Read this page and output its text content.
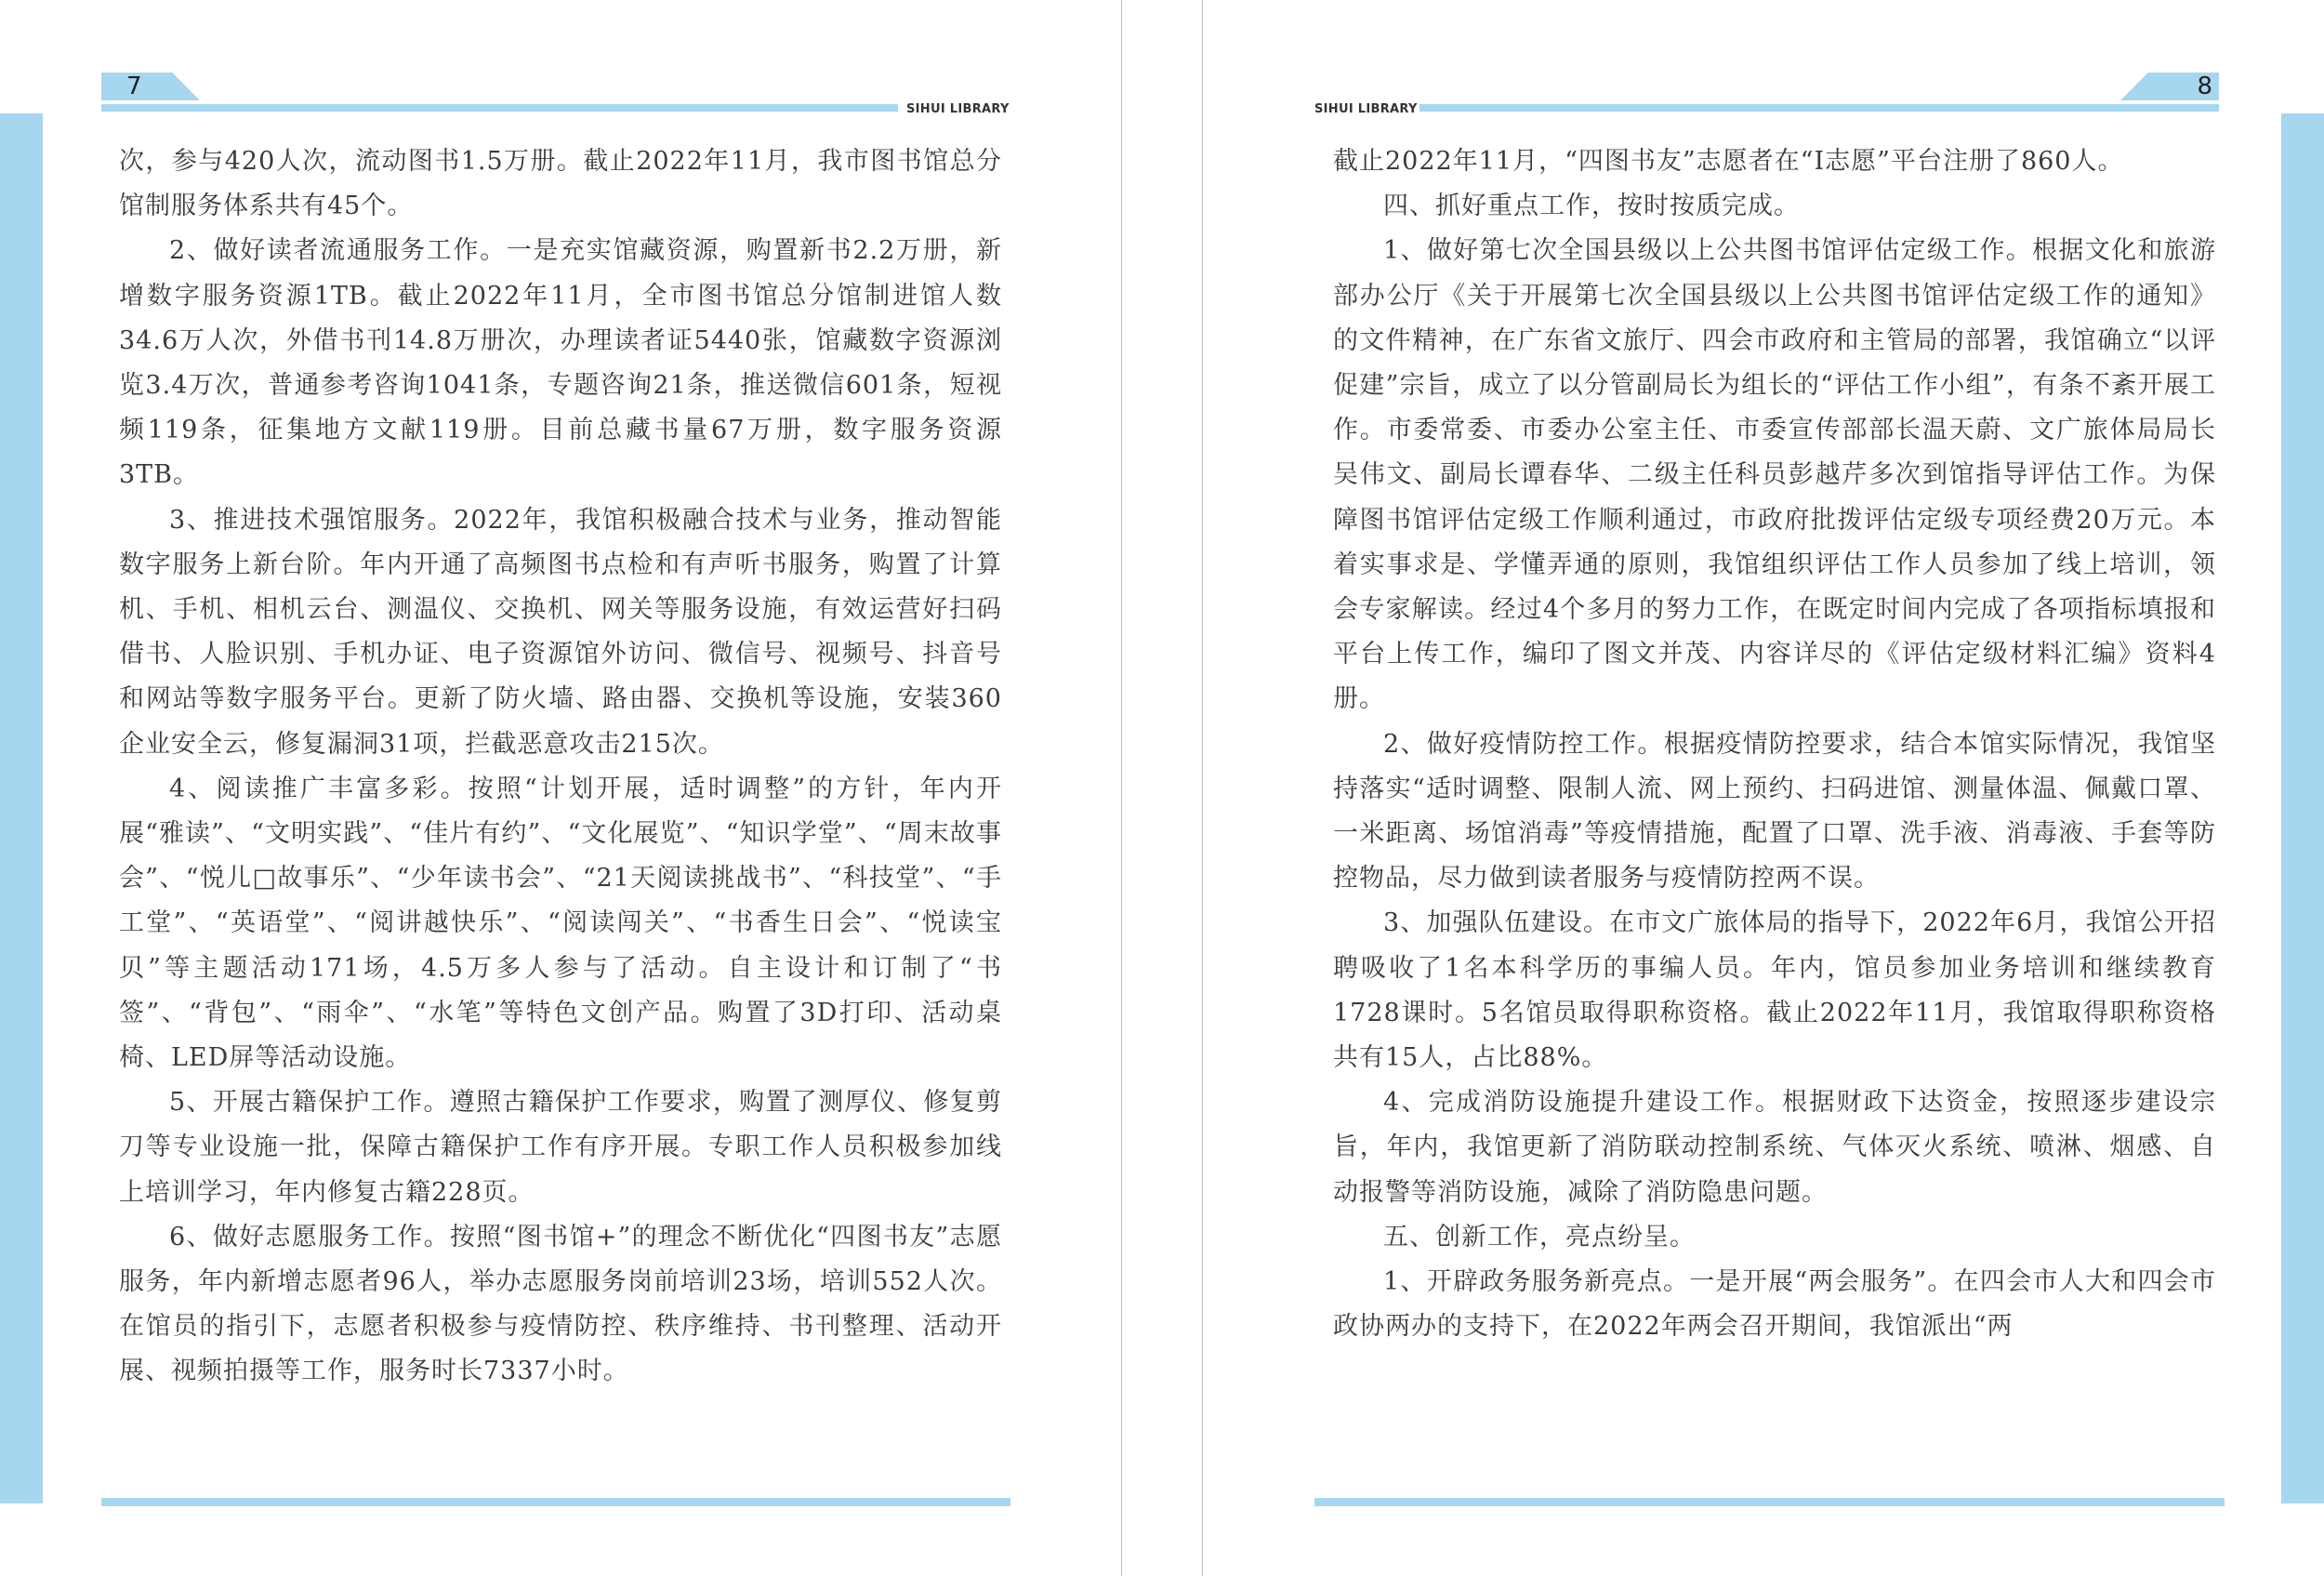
7
SIHUI LIBRARY

次，参与420人次，流动图书1.5万册。截止2022年11月，我市图书馆总分馆制服务体系共有45个。

2、做好读者流通服务工作。一是充实馆藏资源，购置新书2.2万册，新增数字服务资源1TB。截止2022年11月，全市图书馆总分馆制进馆人数34.6万人次，外借书刊14.8万册次，办理读者证5440张，馆藏数字资源浏览3.4万次，普通参考咨询1041条，专题咨询21条，推送微信601条，短视频119条，征集地方文献119册。目前总藏书量67万册，数字服务资源3TB。

3、推进技术强馆服务。2022年，我馆积极融合技术与业务，推动智能数字服务上新台阶。年内开通了高频图书点检和有声听书服务，购置了计算机、手机、相机云台、测温仪、交换机、网关等服务设施，有效运营好扫码借书、人脸识别、手机办证、电子资源馆外访问、微信号、视频号、抖音号和网站等数字服务平台。更新了防火墙、路由器、交换机等设施，安装360企业安全云，修复漏洞31项，拦截恶意攻击215次。

4、阅读推广丰富多彩。按照“计划开展，适时调整”的方针，年内开展“雅读”、“文明实践”、“佳片有约”、“文化展览”、“知识学堂”、“周末故事会”、“悦儿□故事乐”、“少年读书会”、“21天阅读挑战书”、“科技堂”、“手工堂”、“英语堂”、“阅讲越快乐”、“阅读闯关”、“书香生日会”、“悦读宝贝”等主题活动171场，4.5万多人参与了活动。自主设计和订制了“书签”、“背包”、“雨伞”、“水笔”等特色文创产品。购置了3D打印、活动桌椅、LED屏等活动设施。

5、开展古籍保护工作。遵照古籍保护工作要求，购置了测厚仪、修复剪刀等专业设施一批，保障古籍保护工作有序开展。专职工作人员积极参加线上培训学习，年内修复古籍228页。

6、做好志愿服务工作。按照“图书馆+”的理念不断优化“四图书友”志愿服务，年内新增志愿者96人，举办志愿服务岗前培训23场，培训552人次。在馆员的指引下，志愿者积极参与疫情防控、秩序维持、书刊整理、活动开展、视频拍摄等工作，服务时长7337小时。

8
SIHUI LIBRARY

截止2022年11月，“四图书友”志愿者在“I志愿”平台注册了860人。

四、抓好重点工作，按时按质完成。

1、做好第七次全国县级以上公共图书馆评估定级工作。根据文化和旅游部办公厅《关于开展第七次全国县级以上公共图书馆评估定级工作的通知》的文件精神，在广东省文旅厅、四会市政府和主管局的部署，我馆确立“以评促建”宗旨，成立了以分管副局长为组长的“评估工作小组”，有条不紊开展工作。市委常委、市委办公室主任、市委宣传部部长温天蔚、文广旅体局局长吴伟文、副局长谭春华、二级主任科员彭越芹多次到馆指导评估工作。为保障图书馆评估定级工作顺利通过，市政府批拨评估定级专项经费20万元。本着实事求是、学懂弄通的原则，我馆组织评估工作人员参加了线上培训，领会专家解读。经过4个多月的努力工作，在既定时间内完成了各项指标填报和平台上传工作，编印了图文并茂、内容详尽的《评估定级材料汇编》资料4册。

2、做好疫情防控工作。根据疫情防控要求，结合本馆实际情况，我馆坚持落实“适时调整、限制人流、网上预约、扫码进馆、测量体温、佩戴口罩、一米距离、场馆消毒”等疫情措施，配置了口罩、洗手液、消毒液、手套等防控物品，尽力做到读者服务与疫情防控两不误。

3、加强队伍建设。在市文广旅体局的指导下，2022年6月，我馆公开招聘吸收了1名本科学历的事编人员。年内，馆员参加业务培训和继续教育1728课时。5名馆员取得职称资格。截止2022年11月，我馆取得职称资格共有15人，占比88%。

4、完成消防设施提升建设工作。根据财政下达资金，按照逐步建设宗旨，年内，我馆更新了消防联动控制系统、气体灭火系统、喷淋、烟感、自动报警等消防设施，减除了消防隐患问题。

五、创新工作，亮点纷呈。

1、开辟政务服务新亮点。一是开展“两会服务”。在四会市人大和四会市政协两办的支持下，在2022年两会召开期间，我馆派出“两
